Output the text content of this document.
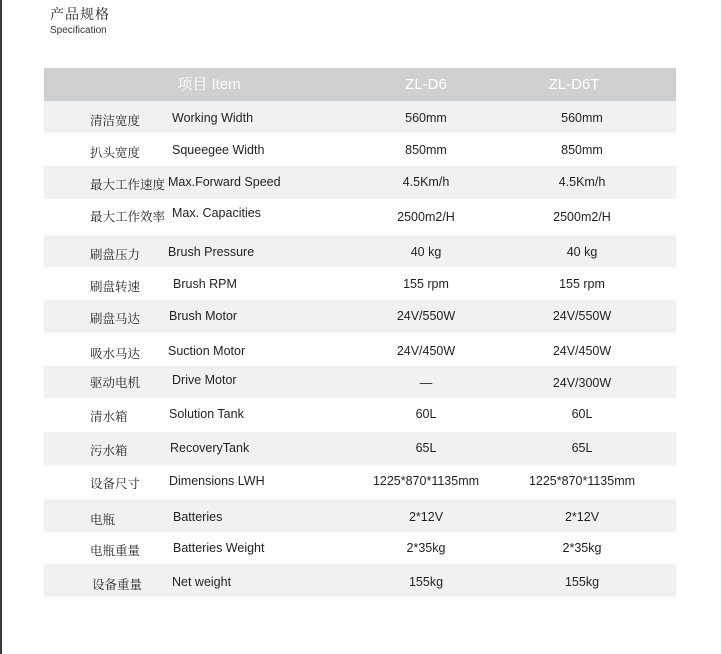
产品规格
Specification
项目 Item	ZL-D6	ZL-D6T
清洁宽度	Working Width	560mm	560mm
扒头宽度	Squeegee Width	850mm	850mm
最大工作速度 Max.Forward Speed	4.5Km/h	4.5Km/h
最大工作效率 Max. Capacities	2500m2/H	2500m2/H
刷盘压力 Brush Pressure	40 kg	40 kg
刷盘转速	Brush RPM	155 rpm	155 rpm
刷盘马达 Brush Motor	24V/550W	24V/550W
吸水马达 Suction Motor	24V/450W	24V/450W
驱动电机	Drive Motor	—	24V/300W
清水箱	Solution Tank	60L	60L
污水箱	RecoveryTank	65L	65L
设备尺寸 Dimensions LWH	1225*870*1135mm	1225*870*1135mm
电瓶	Batteries	2*12V	2*12V
电瓶重量	Batteries Weight	2*35kg	2*35kg
设备重量 Net weight	155kg	155kg
